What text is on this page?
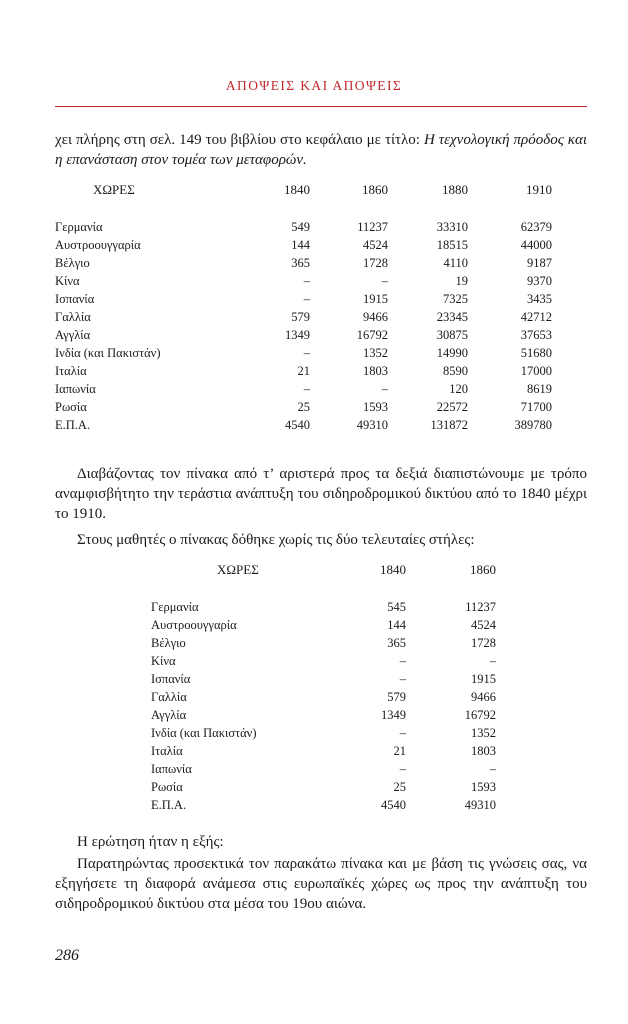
ΑΠΟΨΕΙΣ ΚΑΙ ΑΠΟΨΕΙΣ

χει πλήρης στη σελ. 149 του βιβλίου στο κεφάλαιο με τίτλο: Η τεχνολογική πρόοδος και η επανάσταση στον τομέα των μεταφορών.

ΧΩΡΕΣ	1840	1860	1880	1910

Γερμανία	549	11237	33310	62379
Αυστροουγγαρία	144	4524	18515	44000
Βέλγιο	365	1728	4110	9187
Κίνα	–	–	19	9370
Ισπανία	–	1915	7325	3435
Γαλλία	579	9466	23345	42712
Αγγλία	1349	16792	30875	37653
Ινδία (και Πακιστάν)	–	1352	14990	51680
Ιταλία	21	1803	8590	17000
Ιαπωνία	–	–	120	8619
Ρωσία	25	1593	22572	71700
Ε.Π.Α.	4540	49310	131872	389780

Διαβάζοντας τον πίνακα από τ’ αριστερά προς τα δεξιά διαπιστώνουμε με τρόπο αναμφισβήτητο την τεράστια ανάπτυξη του σιδηροδρομικού δικτύου από το 1840 μέχρι το 1910.

Στους μαθητές ο πίνακας δόθηκε χωρίς τις δύο τελευταίες στήλες:

ΧΩΡΕΣ	1840	1860

Γερμανία	545	11237
Αυστροουγγαρία	144	4524
Βέλγιο	365	1728
Κίνα	–	–
Ισπανία	–	1915
Γαλλία	579	9466
Αγγλία	1349	16792
Ινδία (και Πακιστάν)	–	1352
Ιταλία	21	1803
Ιαπωνία	–	–
Ρωσία	25	1593
Ε.Π.Α.	4540	49310

Η ερώτηση ήταν η εξής:

Παρατηρώντας προσεκτικά τον παρακάτω πίνακα και με βάση τις γνώσεις σας, να εξηγήσετε τη διαφορά ανάμεσα στις ευρωπαϊκές χώρες ως προς την ανάπτυξη του σιδηροδρομικού δικτύου στα μέσα του 19ου αιώνα.

286
